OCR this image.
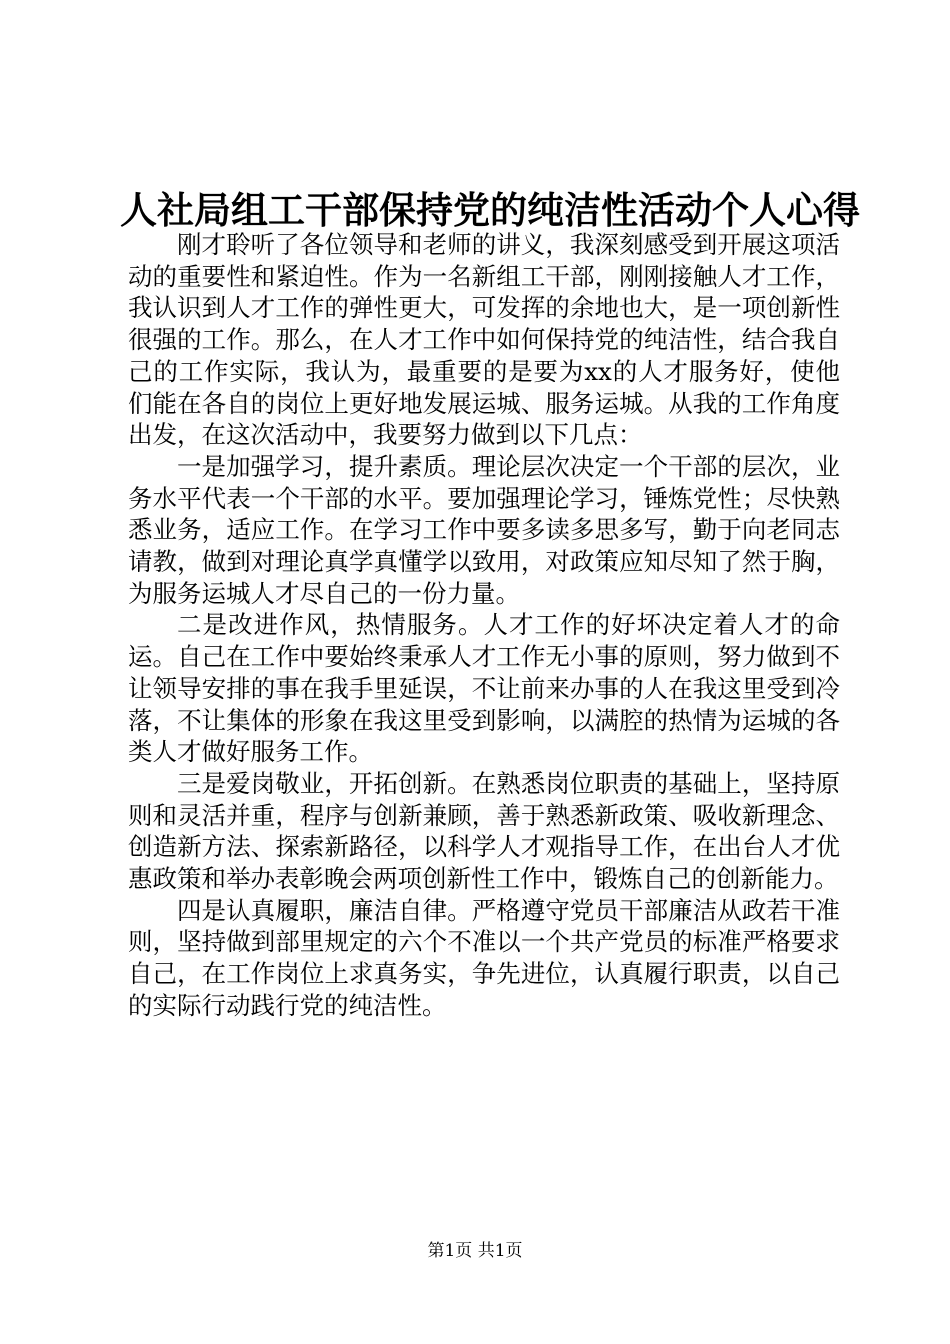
人社局组工干部保持党的纯洁性活动个人心得

刚才聆听了各位领导和老师的讲义，我深刻感受到开展这项活动的重要性和紧迫性。作为一名新组工干部，刚刚接触人才工作，我认识到人才工作的弹性更大，可发挥的余地也大，是一项创新性很强的工作。那么，在人才工作中如何保持党的纯洁性，结合我自己的工作实际，我认为，最重要的是要为xx的人才服务好，使他们能在各自的岗位上更好地发展运城、服务运城。从我的工作角度出发，在这次活动中，我要努力做到以下几点：

一是加强学习，提升素质。理论层次决定一个干部的层次，业务水平代表一个干部的水平。要加强理论学习，锤炼党性；尽快熟悉业务，适应工作。在学习工作中要多读多思多写，勤于向老同志请教，做到对理论真学真懂学以致用，对政策应知尽知了然于胸，为服务运城人才尽自己的一份力量。

二是改进作风，热情服务。人才工作的好坏决定着人才的命运。自己在工作中要始终秉承人才工作无小事的原则，努力做到不让领导安排的事在我手里延误，不让前来办事的人在我这里受到冷落，不让集体的形象在我这里受到影响，以满腔的热情为运城的各类人才做好服务工作。

三是爱岗敬业，开拓创新。在熟悉岗位职责的基础上，坚持原则和灵活并重，程序与创新兼顾，善于熟悉新政策、吸收新理念、创造新方法、探索新路径，以科学人才观指导工作，在出台人才优惠政策和举办表彰晚会两项创新性工作中，锻炼自己的创新能力。

四是认真履职，廉洁自律。严格遵守党员干部廉洁从政若干准则，坚持做到部里规定的六个不准以一个共产党员的标准严格要求自己，在工作岗位上求真务实，争先进位，认真履行职责，以自己的实际行动践行党的纯洁性。

第1页 共1页
